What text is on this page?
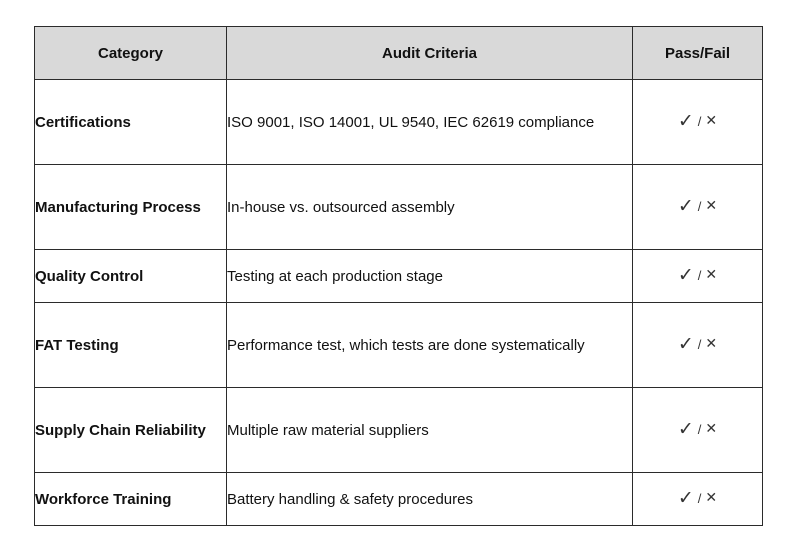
Category	Audit Criteria	Pass/Fail
Certifications	ISO 9001, ISO 14001, UL 9540, IEC 62619 compliance	✓ / ✕

Manufacturing Process	In-house vs. outsourced assembly	✓ / ✕

Quality Control	Testing at each production stage	✓ / ✕

FAT Testing	Performance test, which tests are done systematically	✓ / ✕

Supply Chain Reliability	Multiple raw material suppliers	✓ / ✕

Workforce Training	Battery handling & safety procedures	✓ / ✕
